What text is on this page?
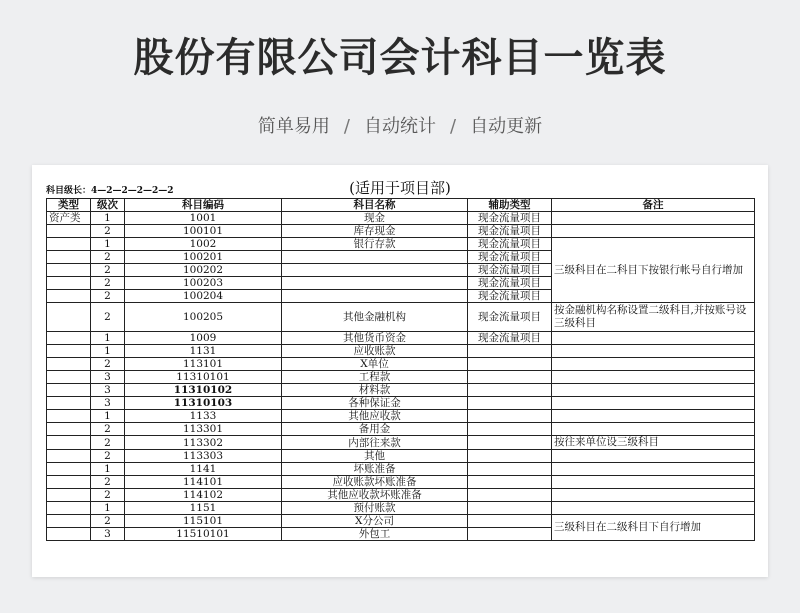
股份有限公司会计科目一览表
简单易用 / 自动统计 / 自动更新
科目级长：4—2—2—2—2—2	(适用于项目部)
类型	级次	科目编码	科目名称	辅助类型	备注
资产类	1	1001	现金	现金流量项目	
	2	100101	库存现金	现金流量项目	
	1	1002	银行存款	现金流量项目	三级科目在二科目下按银行帐号自行增加
	2	100201		现金流量项目	
	2	100202		现金流量项目	
	2	100203		现金流量项目	
	2	100204		现金流量项目	
	2	100205	其他金融机构	现金流量项目	按金融机构名称设置二级科目,并按账号设三级科目
	1	1009	其他货币资金	现金流量项目	
	1	1131	应收账款		
	2	113101	X单位		
	3	11310101	工程款		
	3	11310102	材料款		
	3	11310103	各种保证金		
	1	1133	其他应收款		
	2	113301	备用金		
	2	113302	内部往来款		按往来单位设三级科目
	2	113303	其他		
	1	1141	坏账准备		
	2	114101	应收账款坏账准备		
	2	114102	其他应收款坏账准备		
	1	1151	预付账款		
	2	115101	X分公司		三级科目在二级科目下自行增加
	3	11510101	外包工		
